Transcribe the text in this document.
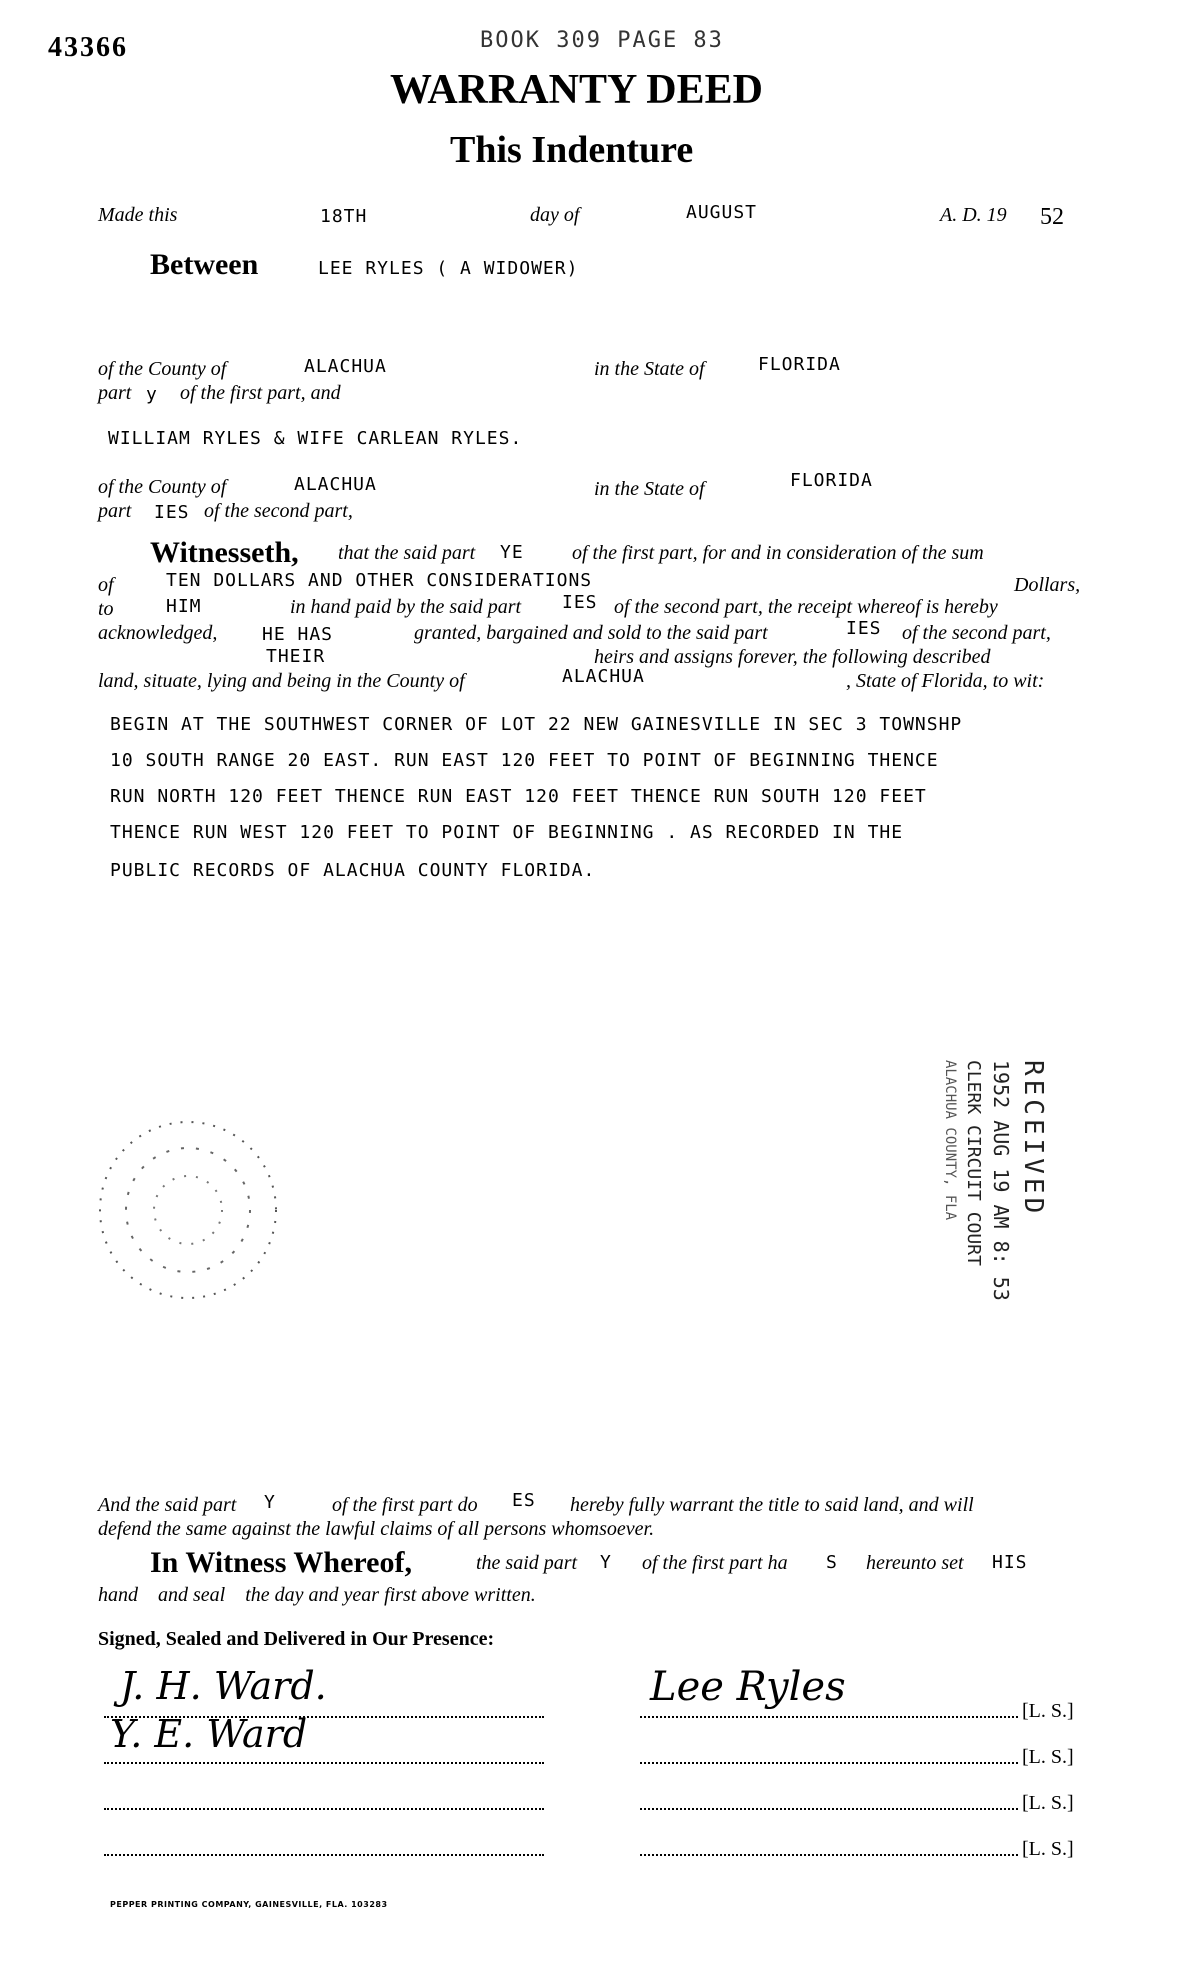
43366	BOOK 309 PAGE 83
WARRANTY DEED
This Indenture
Made this	18TH	day of	AUGUST	A. D. 19 52
Between	LEE RYLES ( A WIDOWER)
of the County of	ALACHUA	in the State of	FLORIDA
part y of the first part, and
WILLIAM RYLES & WIFE CARLEAN RYLES.
of the County of	ALACHUA	in the State of	FLORIDA
part IES of the second part,
Witnesseth, that the said part YE of the first part, for and in consideration of the sum
of	TEN DOLLARS AND OTHER CONSIDERATIONS	Dollars,
to	HIM	in hand paid by the said part IES of the second part, the receipt whereof is hereby
acknowledged, HE HAS	granted, bargained and sold to the said part	IES of the second part,
THEIR	heirs and assigns forever, the following described
land, situate, lying and being in the County of	ALACHUA	, State of Florida, to wit:
BEGIN AT THE SOUTHWEST CORNER OF LOT 22 NEW GAINESVILLE IN SEC 3 TOWNSHP
10 SOUTH RANGE 20 EAST. RUN EAST 120 FEET TO POINT OF BEGINNING THENCE
RUN NORTH 120 FEET THENCE RUN EAST 120 FEET THENCE RUN SOUTH 120 FEET
THENCE RUN WEST 120 FEET TO POINT OF BEGINNING . AS RECORDED IN THE
PUBLIC RECORDS OF ALACHUA COUNTY FLORIDA.
RECEIVED
1952 AUG 19 AM 8: 53
CLERK CIRCUIT COURT
ALACHUA COUNTY, FLA
And the said part Y	of the first part do ES hereby fully warrant the title to said land, and will
defend the same against the lawful claims of all persons whomsoever.
In Witness Whereof,	the said part Y of the first part ha S hereunto set HIS
hand    and seal    the day and year first above written.
Signed, Sealed and Delivered in Our Presence:
J. H. Ward.
Y. E. Ward
Lee Ryles
[L. S.]
[L. S.]
[L. S.]
[L. S.]
PEPPER PRINTING COMPANY, GAINESVILLE, FLA. 103283
